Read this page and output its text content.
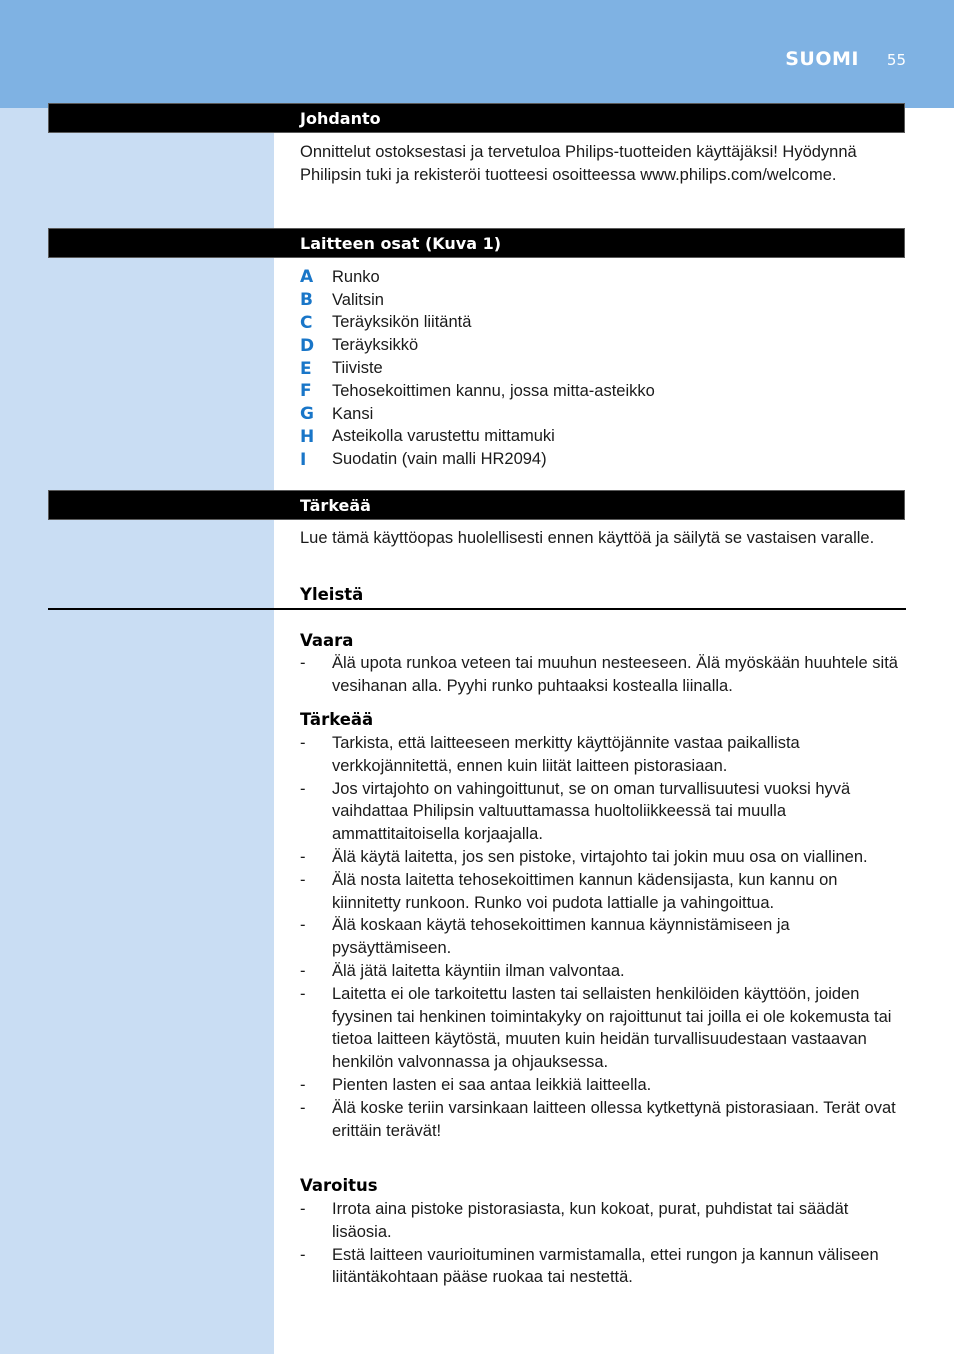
SUOMI 55
Johdanto
Onnittelut ostoksestasi ja tervetuloa Philips-tuotteiden käyttäjäksi! Hyödynnä Philipsin tuki ja rekisteröi tuotteesi osoitteessa www.philips.com/welcome.
Laitteen osat (Kuva 1)
A	Runko
B	Valitsin
C	Teräyksikön liitäntä
D	Teräyksikkö
E	Tiiviste
F	Tehosekoittimen kannu, jossa mitta-asteikko
G	Kansi
H	Asteikolla varustettu mittamuki
I	Suodatin (vain malli HR2094)
Tärkeää
Lue tämä käyttöopas huolellisesti ennen käyttöä ja säilytä se vastaisen varalle.
Yleistä
Vaara
-	Älä upota runkoa veteen tai muuhun nesteeseen. Älä myöskään huuhtele sitä vesihanan alla. Pyyhi runko puhtaaksi kostealla liinalla.
Tärkeää
-	Tarkista, että laitteeseen merkitty käyttöjännite vastaa paikallista verkkojännitettä, ennen kuin liität laitteen pistorasiaan.
-	Jos virtajohto on vahingoittunut, se on oman turvallisuutesi vuoksi hyvä vaihdattaa Philipsin valtuuttamassa huoltoliikkeessä tai muulla ammattitaitoisella korjaajalla.
-	Älä käytä laitetta, jos sen pistoke, virtajohto tai jokin muu osa on viallinen.
-	Älä nosta laitetta tehosekoittimen kannun kädensijasta, kun kannu on kiinnitetty runkoon. Runko voi pudota lattialle ja vahingoittua.
-	Älä koskaan käytä tehosekoittimen kannua käynnistämiseen ja pysäyttämiseen.
-	Älä jätä laitetta käyntiin ilman valvontaa.
-	Laitetta ei ole tarkoitettu lasten tai sellaisten henkilöiden käyttöön, joiden fyysinen tai henkinen toimintakyky on rajoittunut tai joilla ei ole kokemusta tai tietoa laitteen käytöstä, muuten kuin heidän turvallisuudestaan vastaavan henkilön valvonnassa ja ohjauksessa.
-	Pienten lasten ei saa antaa leikkiä laitteella.
-	Älä koske teriin varsinkaan laitteen ollessa kytkettynä pistorasiaan. Terät ovat erittäin terävät!
Varoitus
-	Irrota aina pistoke pistorasiasta, kun kokoat, purat, puhdistat tai säädät lisäosia.
-	Estä laitteen vaurioituminen varmistamalla, ettei rungon ja kannun väliseen liitäntäkohtaan pääse ruokaa tai nestettä.
